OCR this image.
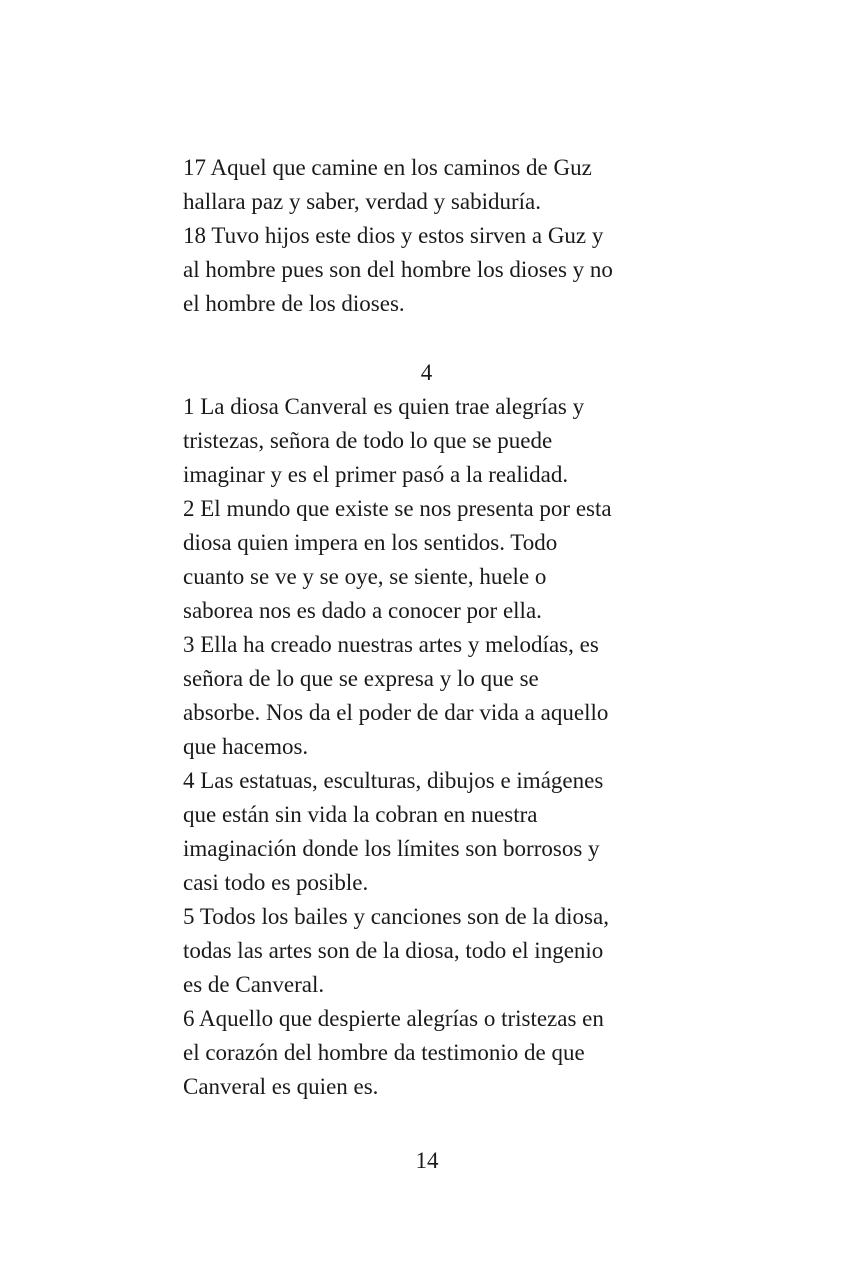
17 Aquel que camine en los caminos de Guz
hallara paz y saber, verdad y sabiduría.

18 Tuvo hijos este dios y estos sirven a Guz y
al hombre pues son del hombre los dioses y no
el hombre de los dioses.

4

1 La diosa Canveral es quien trae alegrías y
tristezas, señora de todo lo que se puede
imaginar y es el primer pasó a la realidad.

2 El mundo que existe se nos presenta por esta
diosa quien impera en los sentidos. Todo
cuanto se ve y se oye, se siente, huele o
saborea nos es dado a conocer por ella.

3 Ella ha creado nuestras artes y melodías, es
señora de lo que se expresa y lo que se
absorbe. Nos da el poder de dar vida a aquello
que hacemos.

4 Las estatuas, esculturas, dibujos e imágenes
que están sin vida la cobran en nuestra
imaginación donde los límites son borrosos y
casi todo es posible.

5 Todos los bailes y canciones son de la diosa,
todas las artes son de la diosa, todo el ingenio
es de Canveral.

6 Aquello que despierte alegrías o tristezas en
el corazón del hombre da testimonio de que
Canveral es quien es.

14
